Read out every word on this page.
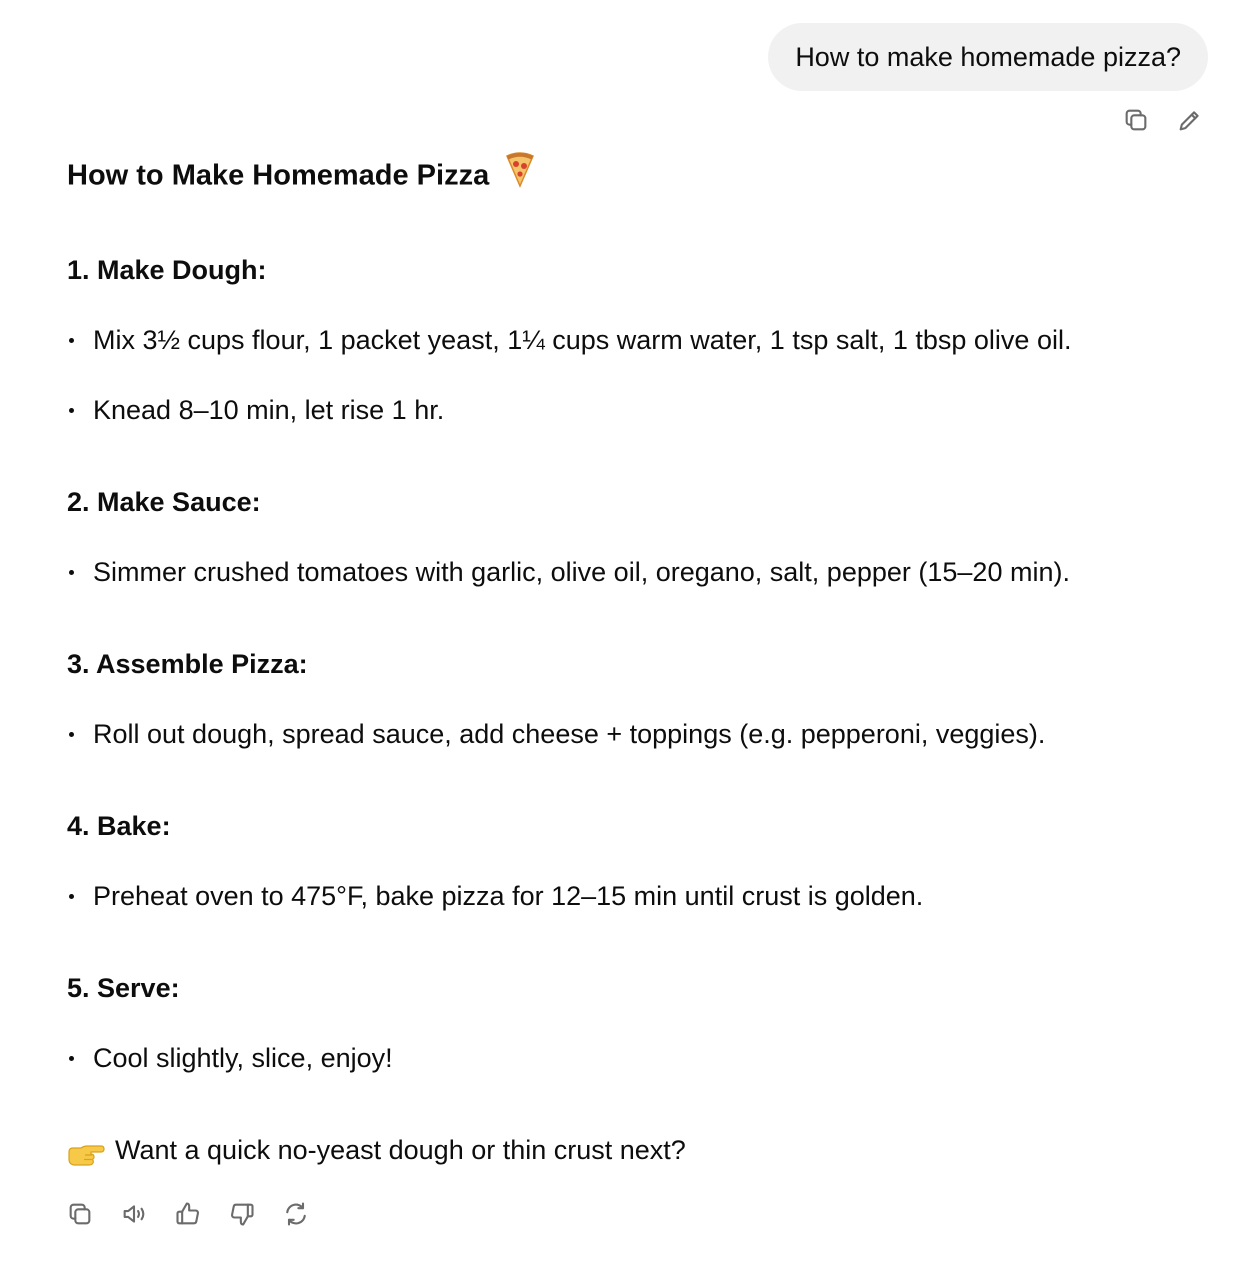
How to make homemade pizza?
How to Make Homemade Pizza
1. Make Dough:
Mix 3½ cups flour, 1 packet yeast, 1¼ cups warm water, 1 tsp salt, 1 tbsp olive oil.
Knead 8–10 min, let rise 1 hr.
2. Make Sauce:
Simmer crushed tomatoes with garlic, olive oil, oregano, salt, pepper (15–20 min).
3. Assemble Pizza:
Roll out dough, spread sauce, add cheese + toppings (e.g. pepperoni, veggies).
4. Bake:
Preheat oven to 475°F, bake pizza for 12–15 min until crust is golden.
5. Serve:
Cool slightly, slice, enjoy!
Want a quick no-yeast dough or thin crust next?
